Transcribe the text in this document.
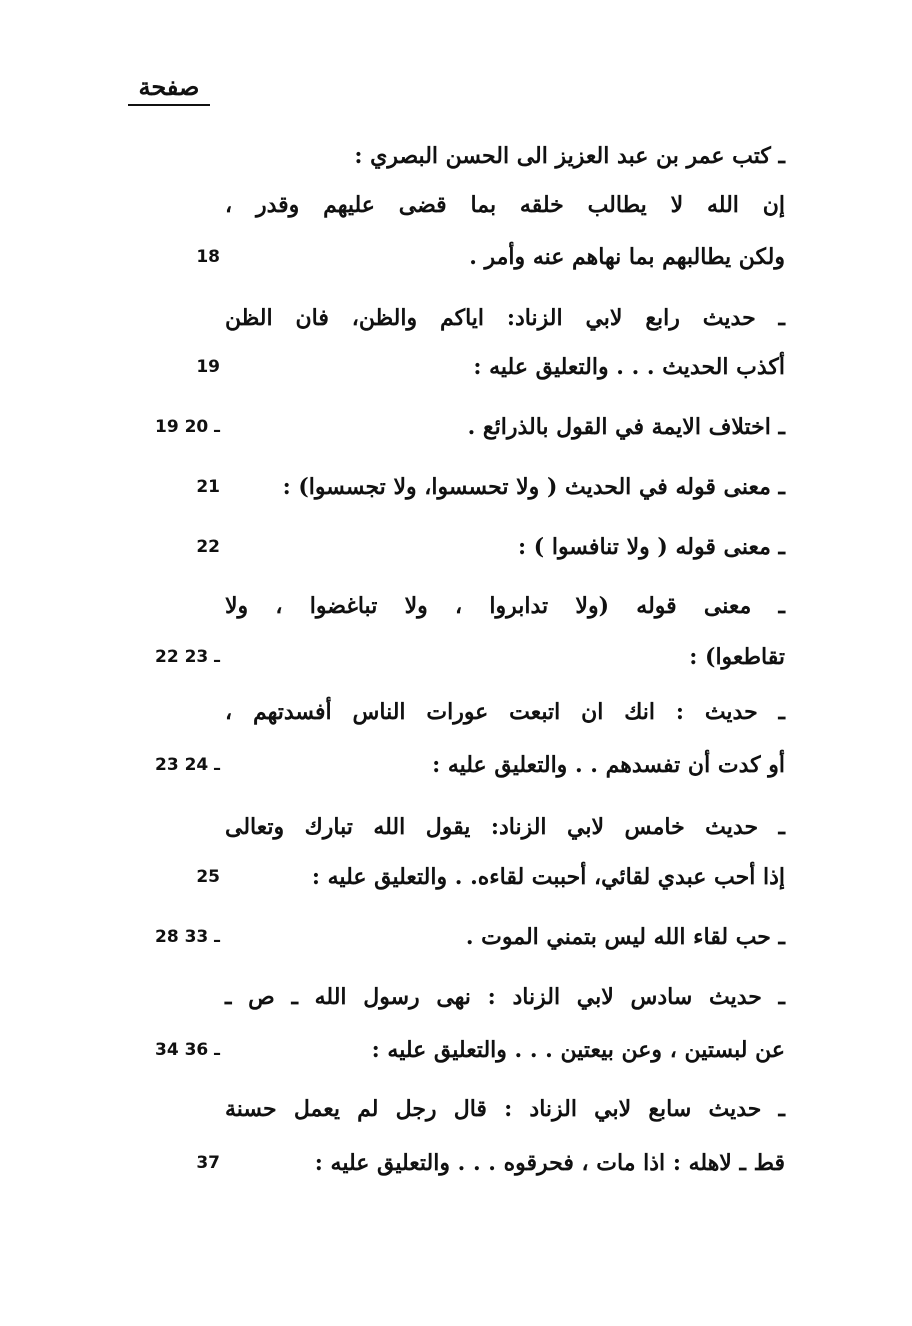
صفحة
ـ كتب عمر بن عبد العزيز الى الحسن البصري :
إن الله لا يطالب خلقه بما قضى عليهم وقدر ،
ولكن يطالبهم بما نهاهم عنه وأمر .
18
ـ حديث رابع لابي الزناد: اياكم والظن، فان الظن
أكذب الحديث . . . والتعليق عليه :
19
ـ اختلاف الايمة في القول بالذرائع .
19 ـ 20
ـ معنى قوله في الحديث ( ولا تحسسوا، ولا تجسسوا) :
21
ـ معنى قوله ( ولا تنافسوا ) :
22
ـ معنى قوله (ولا تدابروا ، ولا تباغضوا ، ولا
تقاطعوا) :
22 ـ 23
ـ حديث : انك ان اتبعت عورات الناس أفسدتهم ،
أو كدت أن تفسدهم . . والتعليق عليه :
23 ـ 24
ـ حديث خامس لابي الزناد: يقول الله تبارك وتعالى
إذا أحب عبدي لقائي، أحببت لقاءه. . والتعليق عليه :
25
ـ حب لقاء الله ليس بتمني الموت .
28 ـ 33
ـ حديث سادس لابي الزناد : نهى رسول الله ـ ص ـ
عن لبستين ، وعن بيعتين . . . والتعليق عليه :
34 ـ 36
ـ حديث سابع لابي الزناد : قال رجل لم يعمل حسنة
قط ـ لاهله : اذا مات ، فحرقوه . . . والتعليق عليه :
37
